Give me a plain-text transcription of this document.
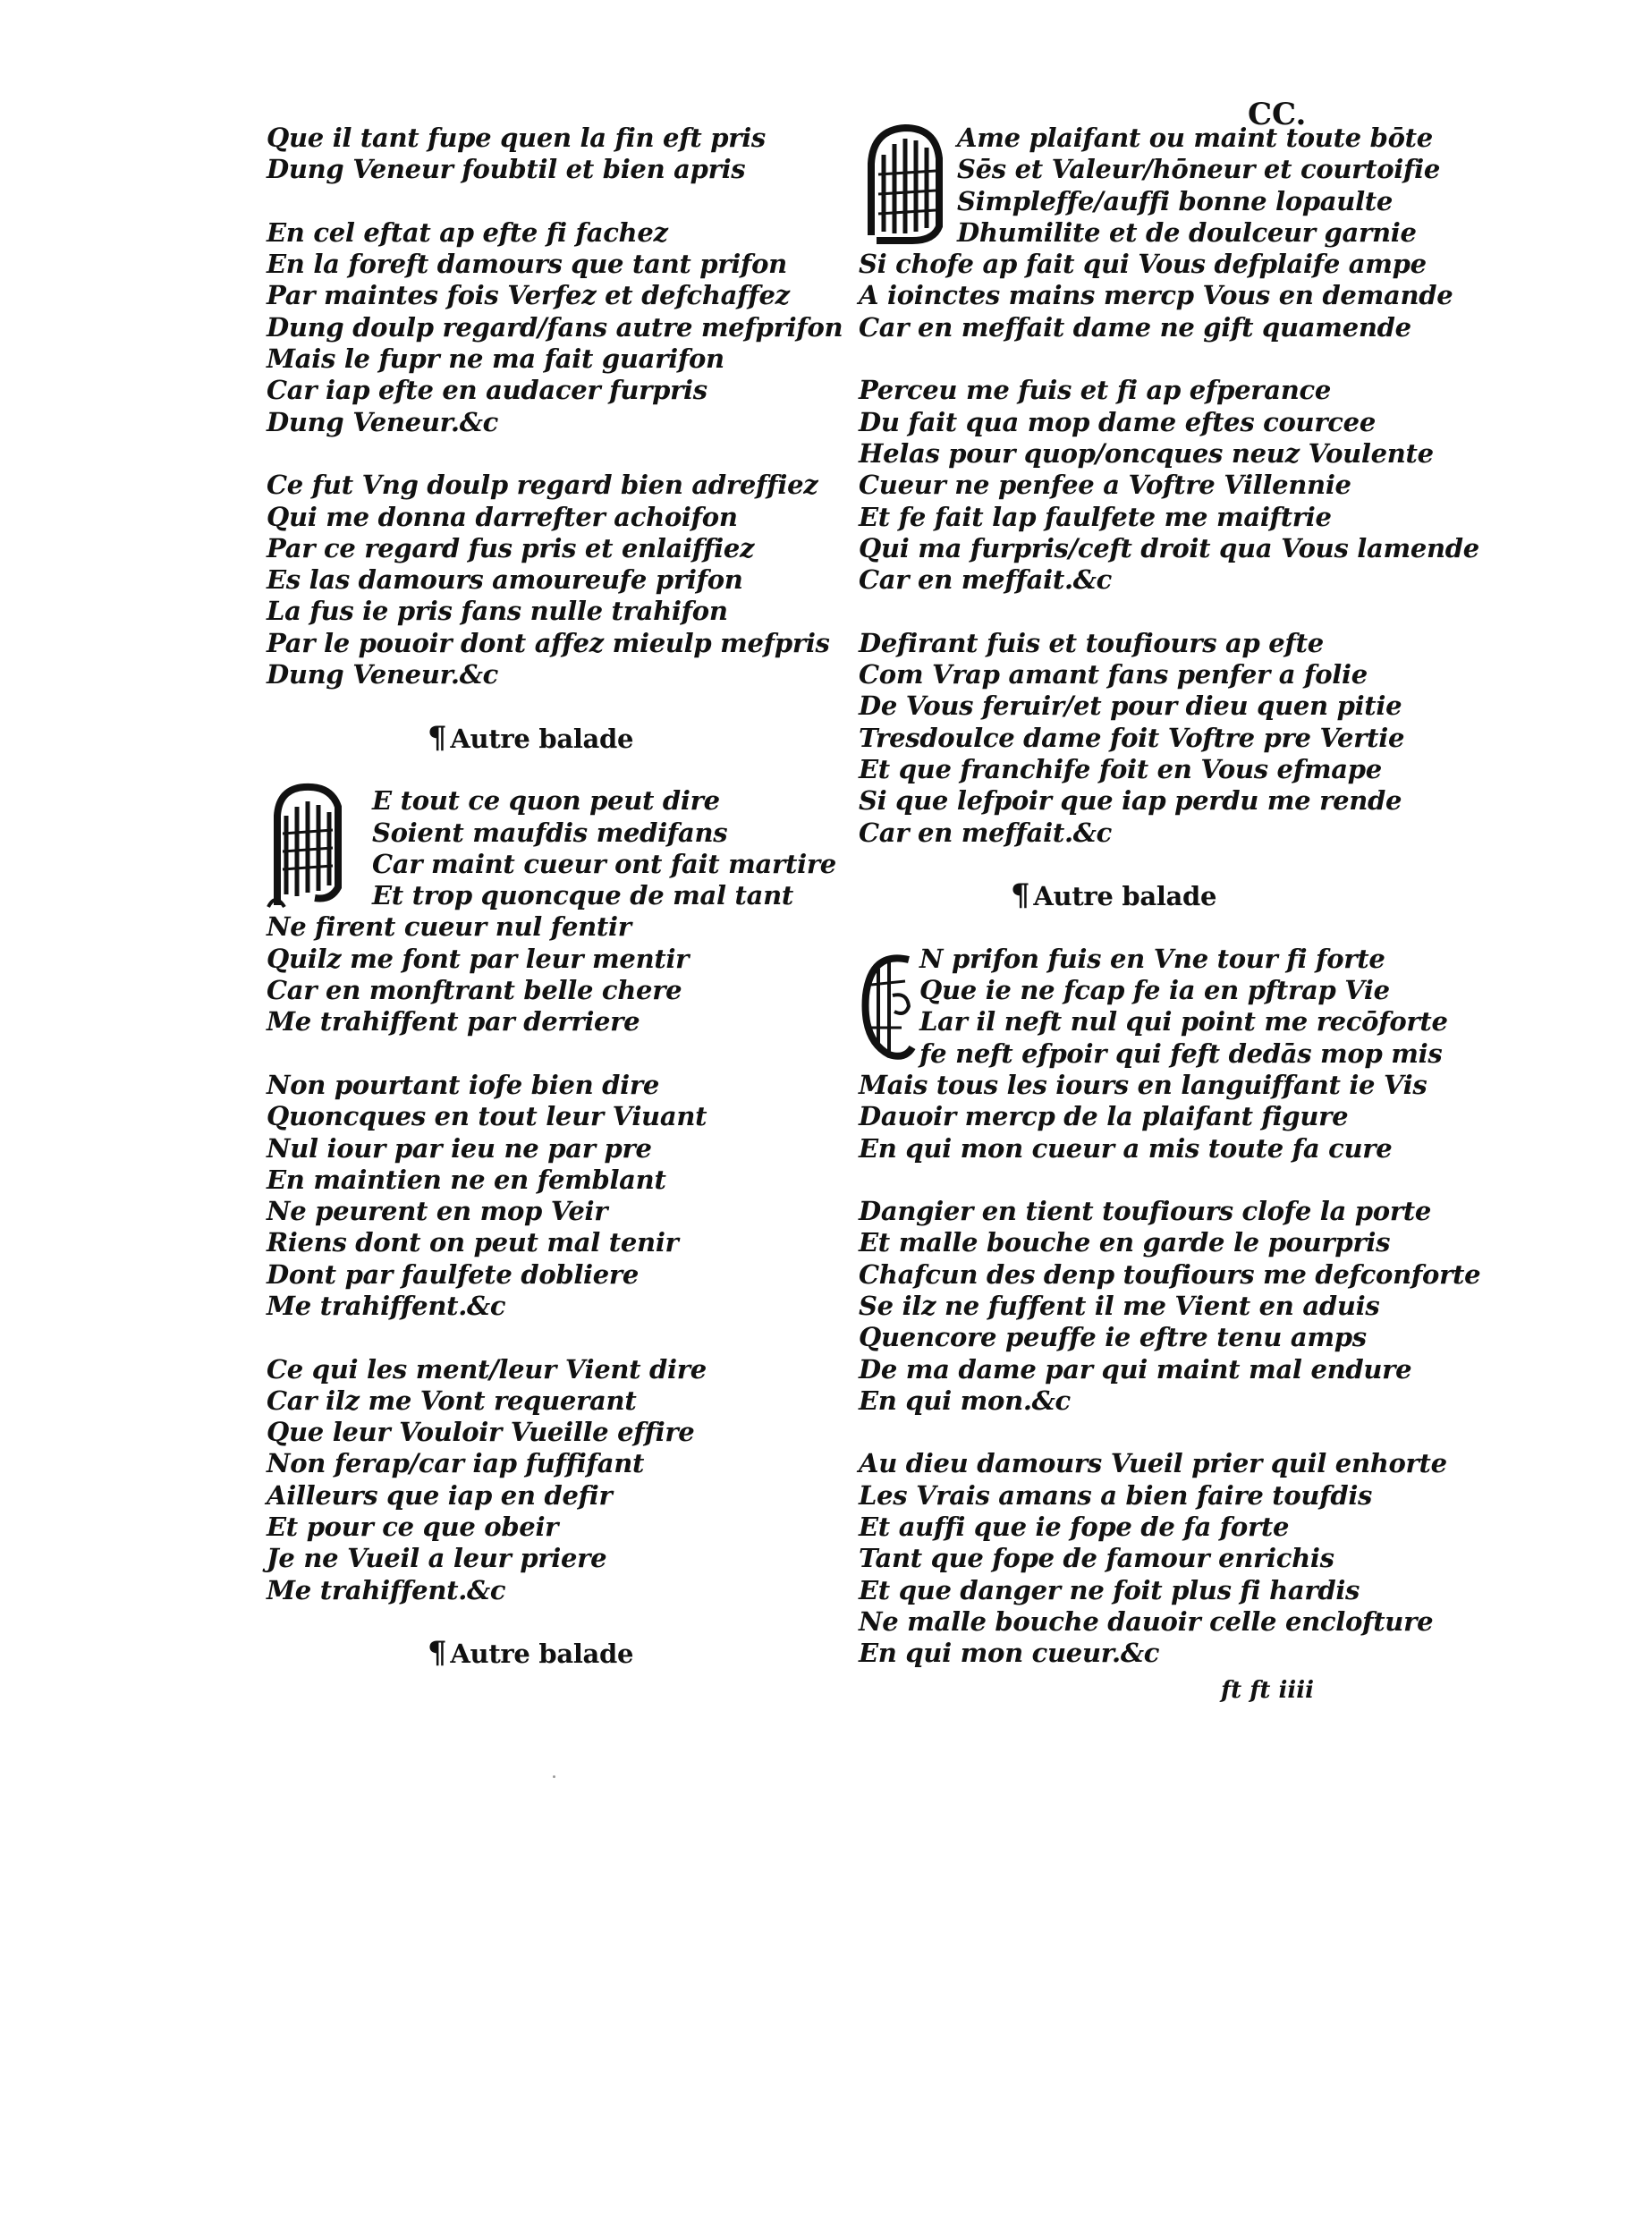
CC.
Que il tant fupe quen la fin eft pris
Dung Veneur foubtil et bien apris
En cel eftat ap efte fi fachez
En la foreft damours que tant prifon
Par maintes fois Verfez et defchaffez
Dung doulp regard/fans autre mefprifon
Mais le fupr ne ma fait guarifon
Car iap efte en audacer furpris
Dung Veneur.&c
Ce fut Vng doulp regard bien adreffiez
Qui me donna darrefter achoifon
Par ce regard fus pris et enlaiffiez
Es las damours amoureufe prifon
La fus ie pris fans nulle trahifon
Par le pouoir dont affez mieulp mefpris
Dung Veneur.&c
¶ Autre balade
E tout ce quon peut dire
Soient maufdis medifans
Car maint cueur ont fait martire
Et trop quoncque de mal tant
Ne firent cueur nul fentir
Quilz me font par leur mentir
Car en monftrant belle chere
Me trahiffent par derriere
Non pourtant iofe bien dire
Quoncques en tout leur Viuant
Nul iour par ieu ne par pre
En maintien ne en femblant
Ne peurent en mop Veir
Riens dont on peut mal tenir
Dont par faulfete dobliere
Me trahiffent.&c
Ce qui les ment/leur Vient dire
Car ilz me Vont requerant
Que leur Vouloir Vueille effire
Non ferap/car iap fuffifant
Ailleurs que iap en defir
Et pour ce que obeir
Je ne Vueil a leur priere
Me trahiffent.&c
¶ Autre balade
Ame plaifant ou maint toute bōte
Sēs et Valeur/hōneur et courtoifie
Simpleffe/auffi bonne lopaulte
Dhumilite et de doulceur garnie
Si chofe ap fait qui Vous defplaife ampe
A ioinctes mains mercp Vous en demande
Car en meffait dame ne gift quamende
Perceu me fuis et fi ap efperance
Du fait qua mop dame eftes courcee
Helas pour quop/oncques neuz Voulente
Cueur ne penfee a Voftre Villennie
Et fe fait lap faulfete me maiftrie
Qui ma furpris/ceft droit qua Vous lamende
Car en meffait.&c
Defirant fuis et toufiours ap efte
Com Vrap amant fans penfer a folie
De Vous feruir/et pour dieu quen pitie
Tresdoulce dame foit Voftre pre Vertie
Et que franchife foit en Vous efmape
Si que lefpoir que iap perdu me rende
Car en meffait.&c
¶ Autre balade
N prifon fuis en Vne tour fi forte
Que ie ne fcap fe ia en pftrap Vie
Lar il neft nul qui point me recōforte
fe neft efpoir qui feft dedās mop mis
Mais tous les iours en languiffant ie Vis
Dauoir mercp de la plaifant figure
En qui mon cueur a mis toute fa cure
Dangier en tient toufiours clofe la porte
Et malle bouche en garde le pourpris
Chafcun des denp toufiours me defconforte
Se ilz ne fuffent il me Vient en aduis
Quencore peuffe ie eftre tenu amps
De ma dame par qui maint mal endure
En qui mon.&c
Au dieu damours Vueil prier quil enhorte
Les Vrais amans a bien faire toufdis
Et auffi que ie fope de fa forte
Tant que fope de famour enrichis
Et que danger ne foit plus fi hardis
Ne malle bouche dauoir celle enclofture
En qui mon cueur.&c
ft ft iiii
